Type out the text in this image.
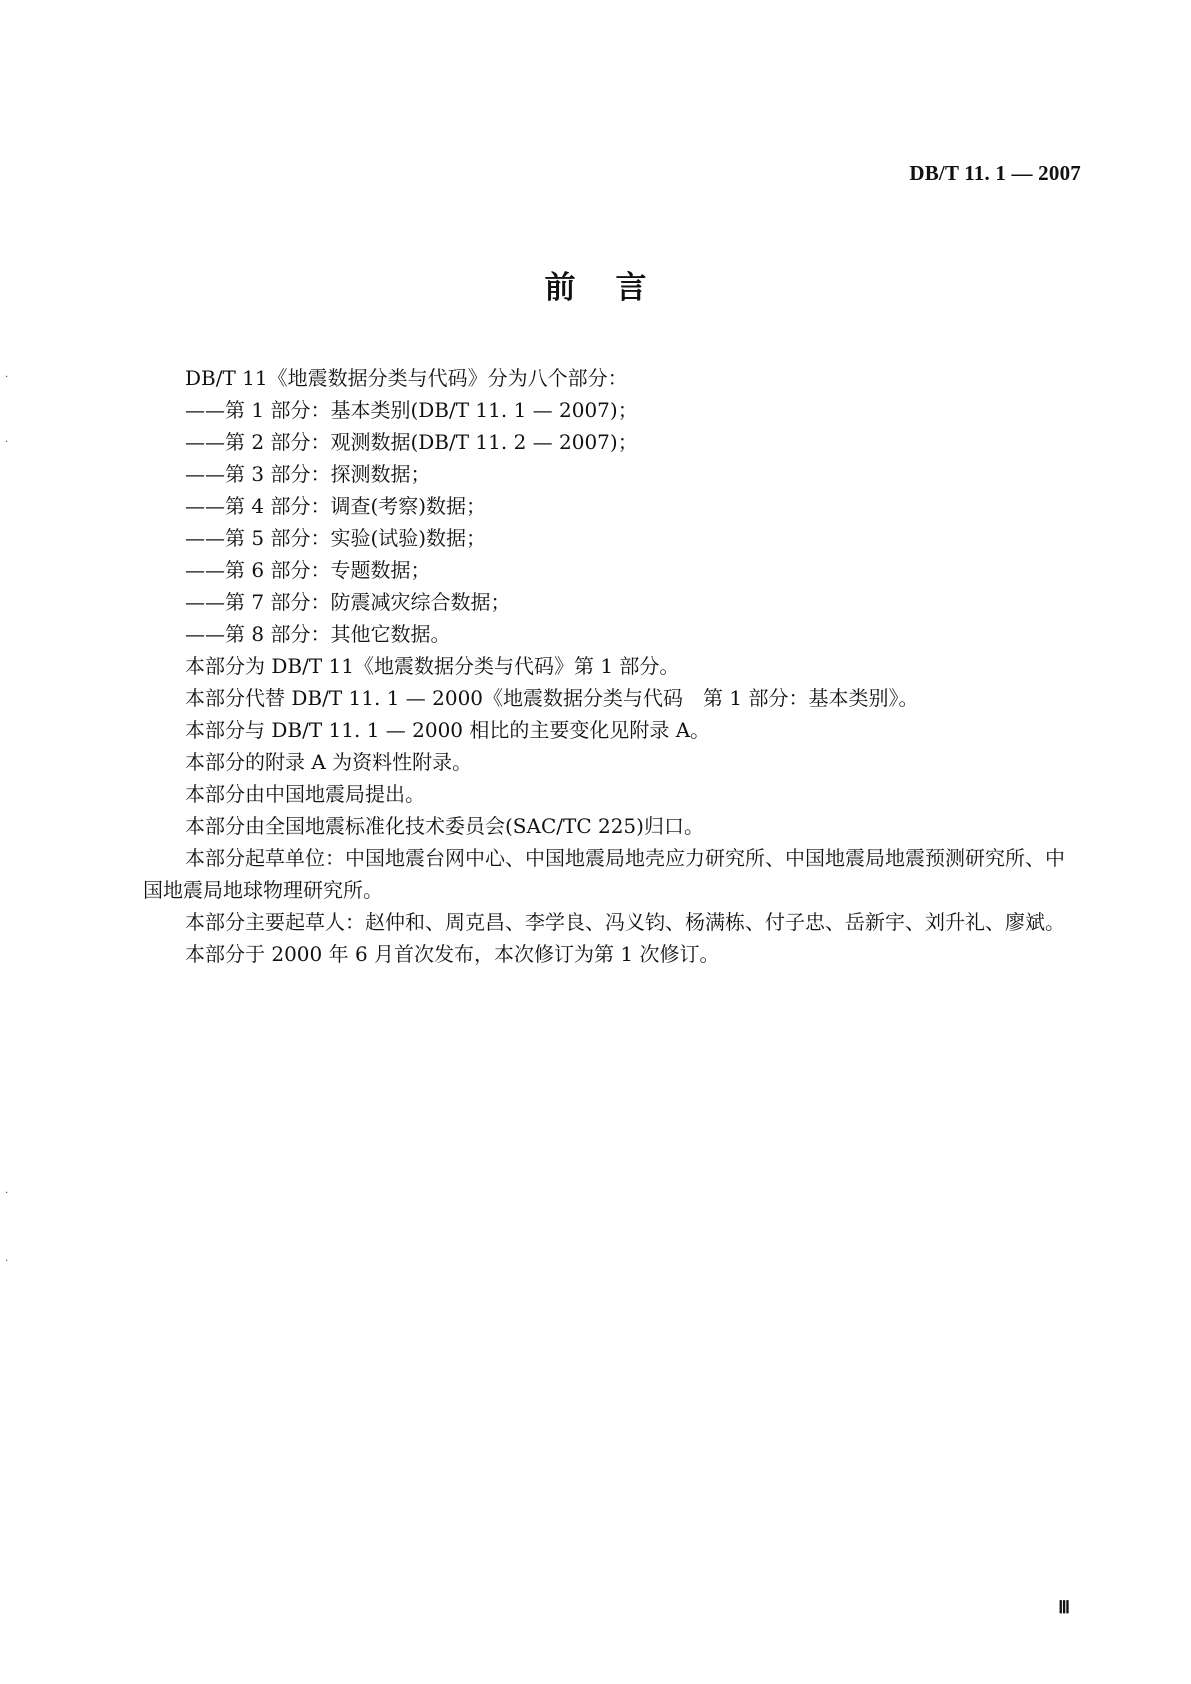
DB/T 11. 1 — 2007
前言

DB/T 11《地震数据分类与代码》分为八个部分：

——第 1 部分：基本类别(DB/T 11. 1 — 2007)；

——第 2 部分：观测数据(DB/T 11. 2 — 2007)；

——第 3 部分：探测数据；

——第 4 部分：调查(考察)数据；

——第 5 部分：实验(试验)数据；

——第 6 部分：专题数据；

——第 7 部分：防震减灾综合数据；

——第 8 部分：其他它数据。

本部分为 DB/T 11《地震数据分类与代码》第 1 部分。

本部分代替 DB/T 11. 1 — 2000《地震数据分类与代码　第 1 部分：基本类别》。

本部分与 DB/T 11. 1 — 2000 相比的主要变化见附录 A。

本部分的附录 A 为资料性附录。

本部分由中国地震局提出。

本部分由全国地震标准化技术委员会(SAC/TC 225)归口。

本部分起草单位：中国地震台网中心、中国地震局地壳应力研究所、中国地震局地震预测研究所、中国地震局地球物理研究所。

本部分主要起草人：赵仲和、周克昌、李学良、冯义钧、杨满栋、付子忠、岳新宇、刘升礼、廖斌。

本部分于 2000 年 6 月首次发布，本次修订为第 1 次修订。

Ⅲ
·
·
·
·
